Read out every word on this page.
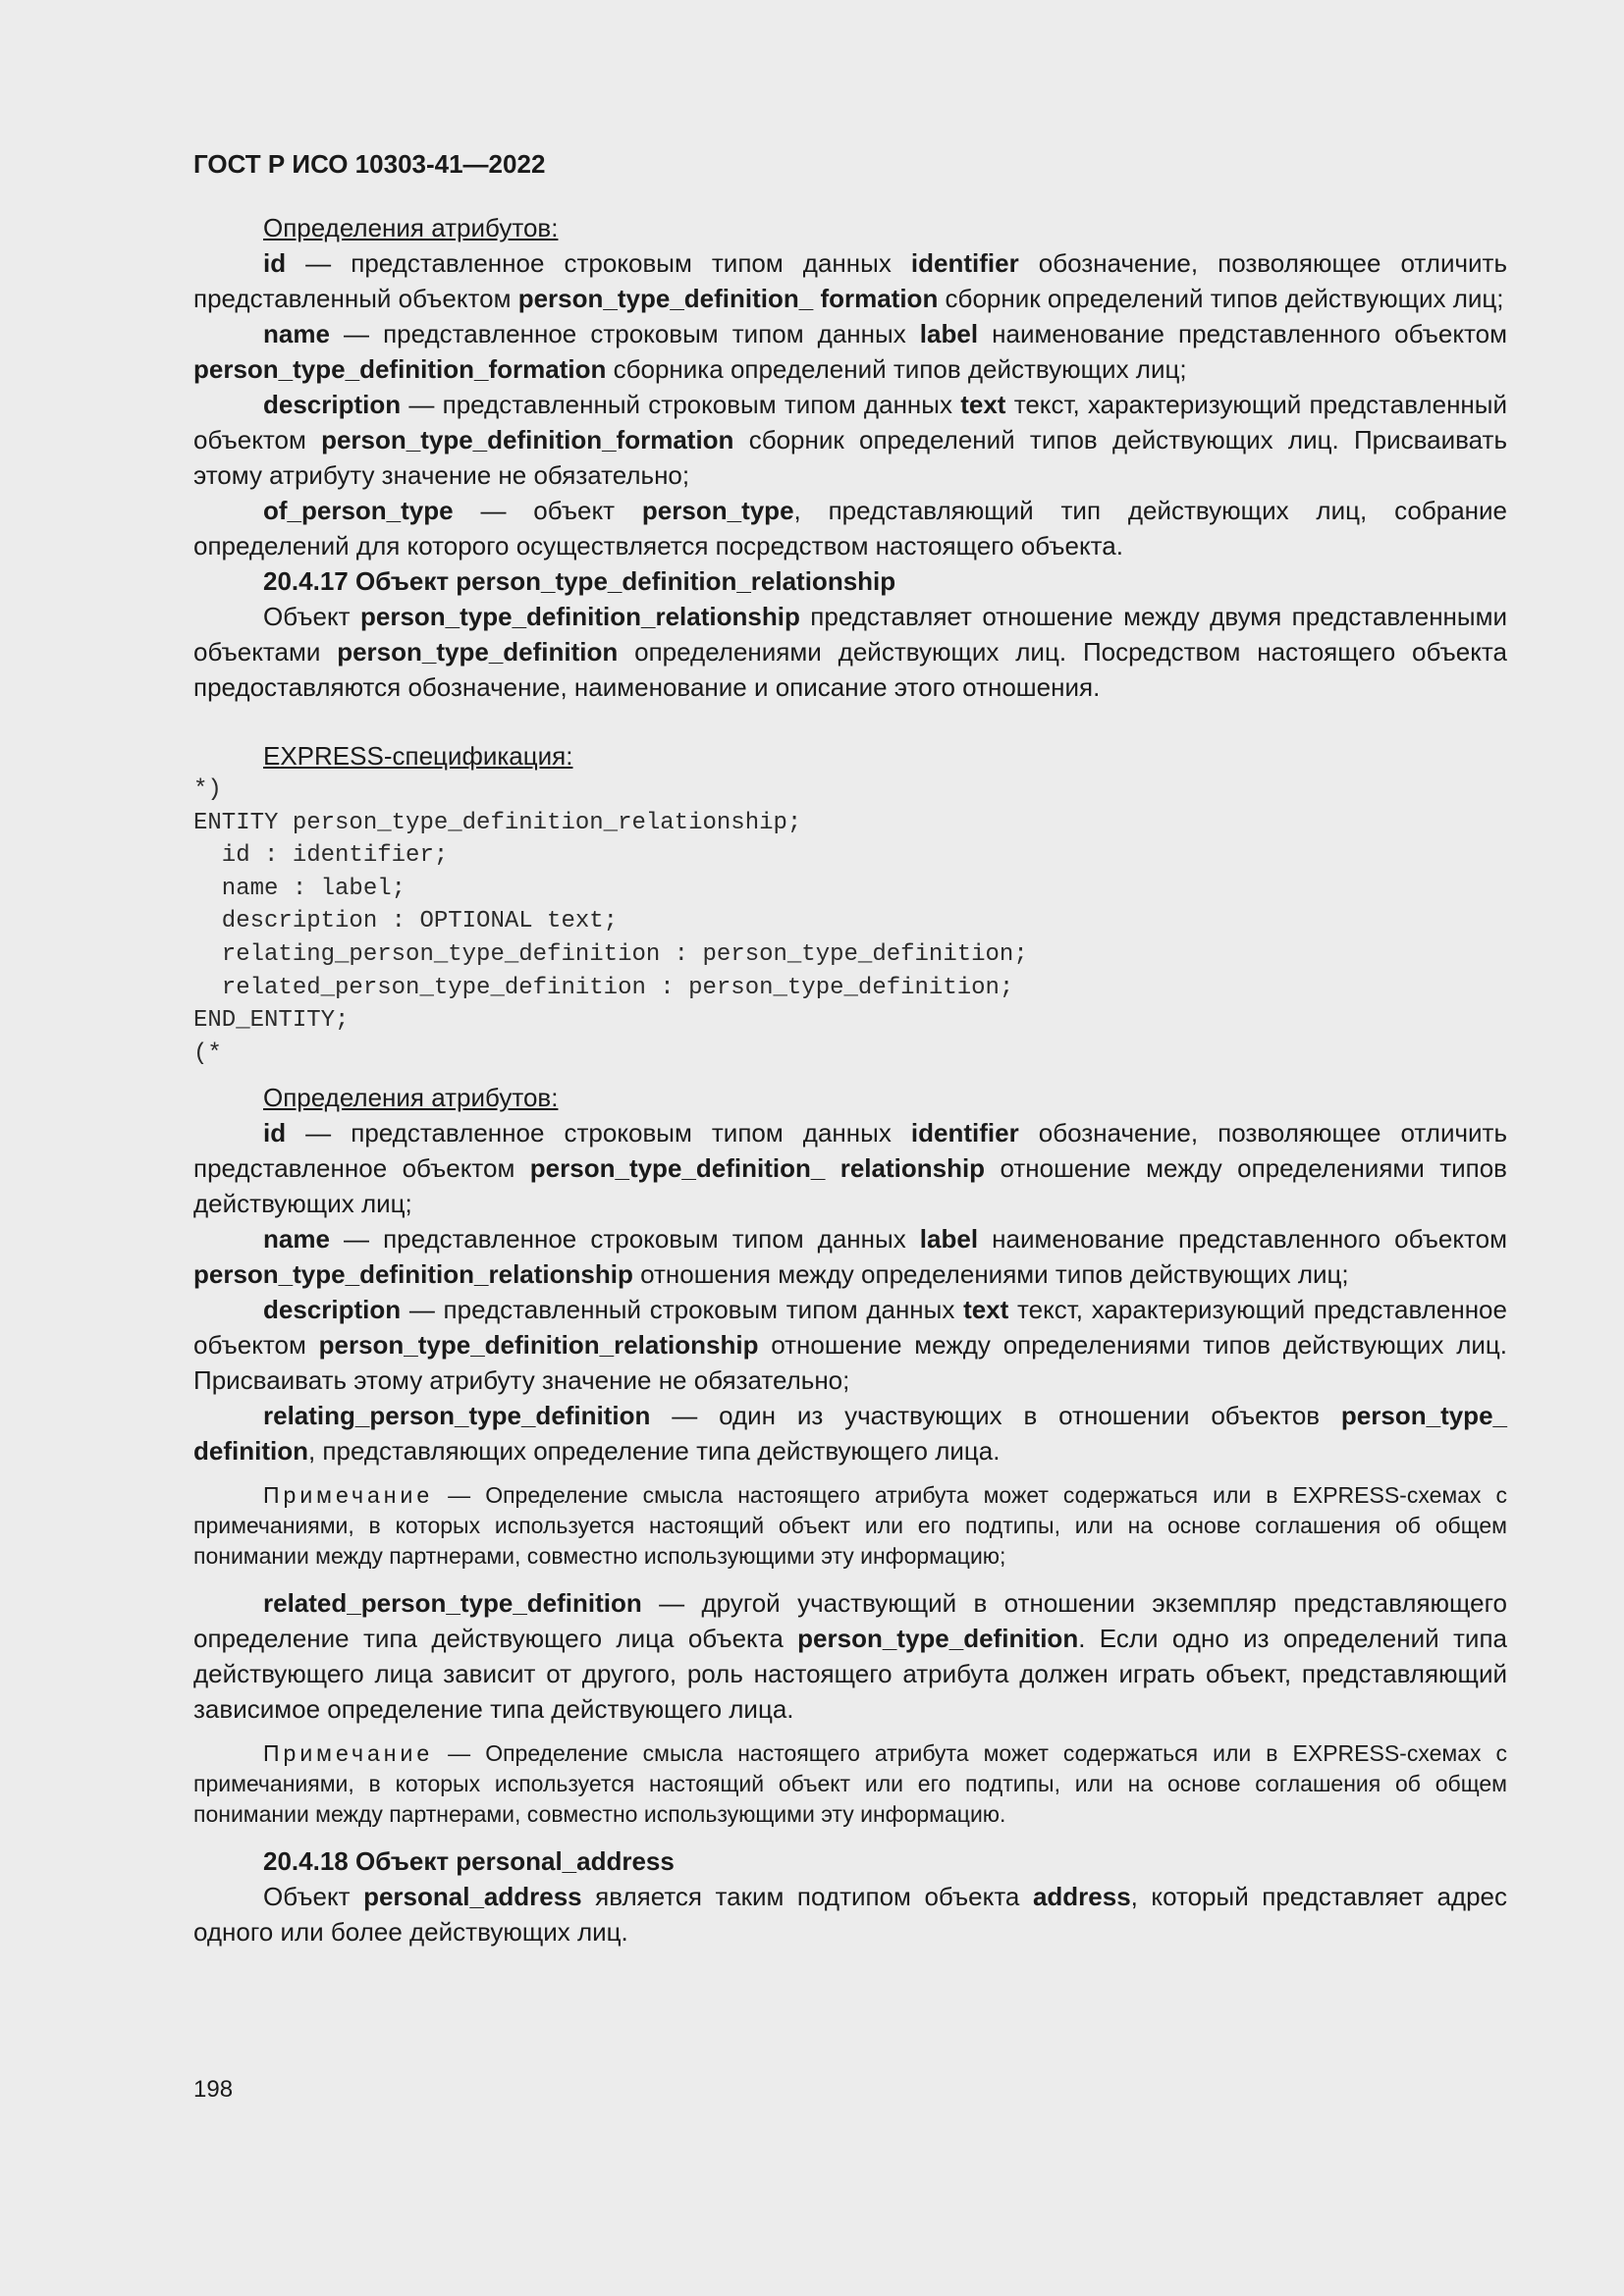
ГОСТ Р ИСО 10303-41—2022

Определения атрибутов:

id — представленное строковым типом данных identifier обозначение, позволяющее отличить представленный объектом person_type_definition_ formation сборник определений типов действующих лиц;

name — представленное строковым типом данных label наименование представленного объектом person_type_definition_formation сборника определений типов действующих лиц;

description — представленный строковым типом данных text текст, характеризующий представленный объектом person_type_definition_formation сборник определений типов действующих лиц. Присваивать этому атрибуту значение не обязательно;

of_person_type — объект person_type, представляющий тип действующих лиц, собрание определений для которого осуществляется посредством настоящего объекта.

20.4.17 Объект person_type_definition_relationship

Объект person_type_definition_relationship представляет отношение между двумя представленными объектами person_type_definition определениями действующих лиц. Посредством настоящего объекта предоставляются обозначение, наименование и описание этого отношения.

EXPRESS-спецификация:

*)
ENTITY person_type_definition_relationship;
id : identifier;
name : label;
description : OPTIONAL text;
relating_person_type_definition : person_type_definition;
related_person_type_definition : person_type_definition;
END_ENTITY;
(*

Определения атрибутов:

id — представленное строковым типом данных identifier обозначение, позволяющее отличить представленное объектом person_type_definition_ relationship отношение между определениями типов действующих лиц;

name — представленное строковым типом данных label наименование представленного объектом person_type_definition_relationship отношения между определениями типов действующих лиц;

description — представленный строковым типом данных text текст, характеризующий представленное объектом person_type_definition_relationship отношение между определениями типов действующих лиц. Присваивать этому атрибуту значение не обязательно;

relating_person_type_definition — один из участвующих в отношении объектов person_type_ definition, представляющих определение типа действующего лица.

Примечание — Определение смысла настоящего атрибута может содержаться или в EXPRESS-схемах с примечаниями, в которых используется настоящий объект или его подтипы, или на основе соглашения об общем понимании между партнерами, совместно использующими эту информацию;

related_person_type_definition — другой участвующий в отношении экземпляр представляющего определение типа действующего лица объекта person_type_definition. Если одно из определений типа действующего лица зависит от другого, роль настоящего атрибута должен играть объект, представляющий зависимое определение типа действующего лица.

Примечание — Определение смысла настоящего атрибута может содержаться или в EXPRESS-схемах с примечаниями, в которых используется настоящий объект или его подтипы, или на основе соглашения об общем понимании между партнерами, совместно использующими эту информацию.

20.4.18 Объект personal_address

Объект personal_address является таким подтипом объекта address, который представляет адрес одного или более действующих лиц.

198
